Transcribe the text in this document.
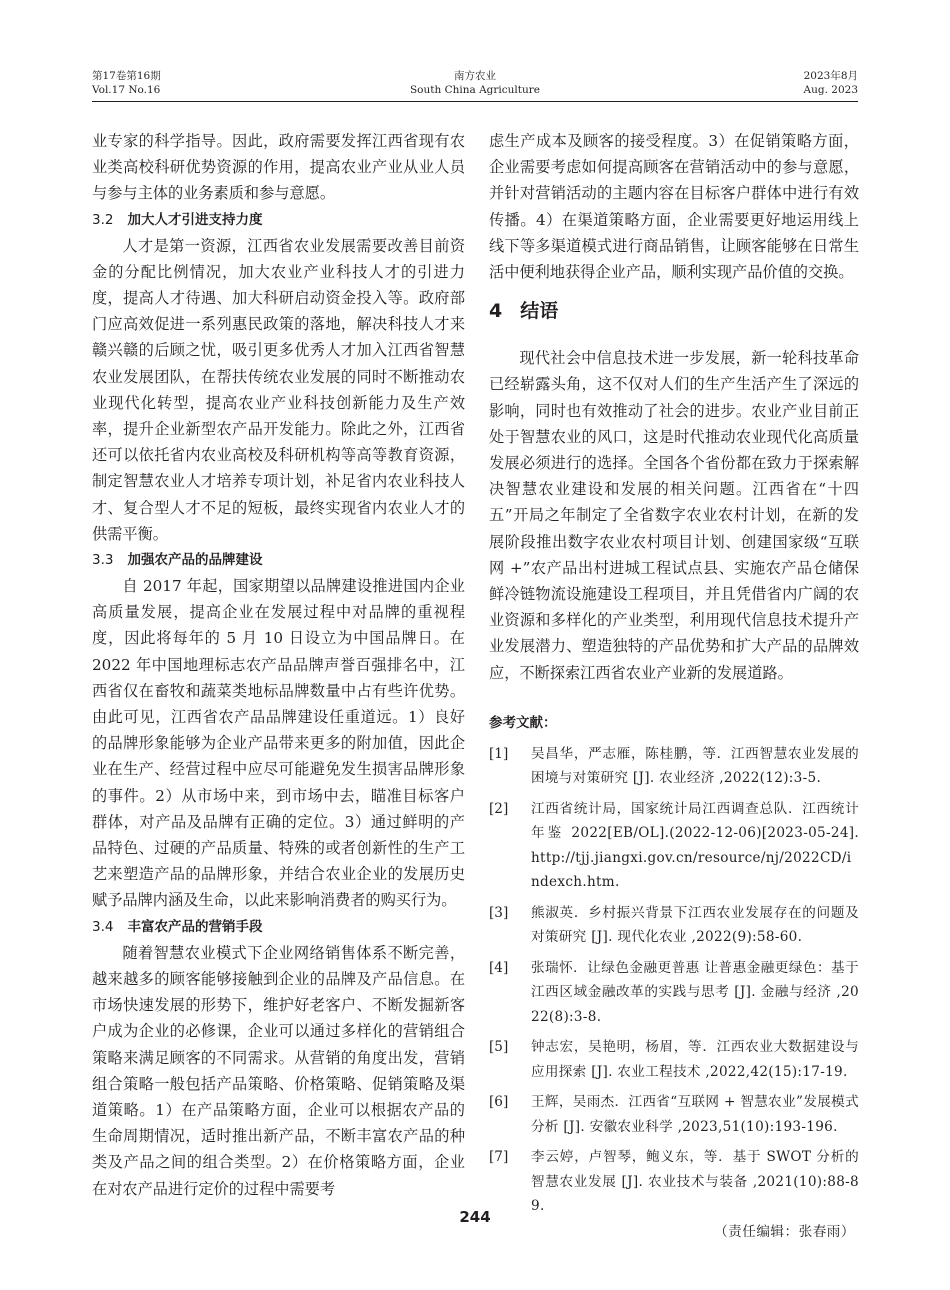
第17卷第16期
Vol.17 No.16
南方农业
South China Agriculture
2023年8月
Aug. 2023

业专家的科学指导。因此，政府需要发挥江西省现有农业类高校科研优势资源的作用，提高农业产业从业人员与参与主体的业务素质和参与意愿。

3.2 加大人才引进支持力度

人才是第一资源，江西省农业发展需要改善目前资金的分配比例情况，加大农业产业科技人才的引进力度，提高人才待遇、加大科研启动资金投入等。政府部门应高效促进一系列惠民政策的落地，解决科技人才来赣兴赣的后顾之忧，吸引更多优秀人才加入江西省智慧农业发展团队，在帮扶传统农业发展的同时不断推动农业现代化转型，提高农业产业科技创新能力及生产效率，提升企业新型农产品开发能力。除此之外，江西省还可以依托省内农业高校及科研机构等高等教育资源，制定智慧农业人才培养专项计划，补足省内农业科技人才、复合型人才不足的短板，最终实现省内农业人才的供需平衡。

3.3 加强农产品的品牌建设

自 2017 年起，国家期望以品牌建设推进国内企业高质量发展，提高企业在发展过程中对品牌的重视程度，因此将每年的 5 月 10 日设立为中国品牌日。在 2022 年中国地理标志农产品品牌声誉百强排名中，江西省仅在畜牧和蔬菜类地标品牌数量中占有些许优势。由此可见，江西省农产品品牌建设任重道远。1）良好的品牌形象能够为企业产品带来更多的附加值，因此企业在生产、经营过程中应尽可能避免发生损害品牌形象的事件。2）从市场中来，到市场中去，瞄准目标客户群体，对产品及品牌有正确的定位。3）通过鲜明的产品特色、过硬的产品质量、特殊的或者创新性的生产工艺来塑造产品的品牌形象，并结合农业企业的发展历史赋予品牌内涵及生命，以此来影响消费者的购买行为。

3.4 丰富农产品的营销手段

随着智慧农业模式下企业网络销售体系不断完善，越来越多的顾客能够接触到企业的品牌及产品信息。在市场快速发展的形势下，维护好老客户、不断发掘新客户成为企业的必修课，企业可以通过多样化的营销组合策略来满足顾客的不同需求。从营销的角度出发，营销组合策略一般包括产品策略、价格策略、促销策略及渠道策略。1）在产品策略方面，企业可以根据农产品的生命周期情况，适时推出新产品，不断丰富农产品的种类及产品之间的组合类型。2）在价格策略方面，企业在对农产品进行定价的过程中需要考

虑生产成本及顾客的接受程度。3）在促销策略方面，企业需要考虑如何提高顾客在营销活动中的参与意愿，并针对营销活动的主题内容在目标客户群体中进行有效传播。4）在渠道策略方面，企业需要更好地运用线上线下等多渠道模式进行商品销售，让顾客能够在日常生活中便利地获得企业产品，顺利实现产品价值的交换。

4 结语

现代社会中信息技术进一步发展，新一轮科技革命已经崭露头角，这不仅对人们的生产生活产生了深远的影响，同时也有效推动了社会的进步。农业产业目前正处于智慧农业的风口，这是时代推动农业现代化高质量发展必须进行的选择。全国各个省份都在致力于探索解决智慧农业建设和发展的相关问题。江西省在“十四五”开局之年制定了全省数字农业农村计划，在新的发展阶段推出数字农业农村项目计划、创建国家级“互联网 +”农产品出村进城工程试点县、实施农产品仓储保鲜冷链物流设施建设工程项目，并且凭借省内广阔的农业资源和多样化的产业类型，利用现代信息技术提升产业发展潜力、塑造独特的产品优势和扩大产品的品牌效应，不断探索江西省农业产业新的发展道路。

参考文献：
[1]	吴昌华，严志雁，陈桂鹏，等．江西智慧农业发展的困境与对策研究 [J]. 农业经济 ,2022(12):3-5.
[2]	江西省统计局，国家统计局江西调查总队．江西统计年鉴 2022[EB/OL].(2022-12-06)[2023-05-24].http://tjj.jiangxi.gov.cn/resource/nj/2022CD/indexch.htm.
[3]	熊淑英．乡村振兴背景下江西农业发展存在的问题及对策研究 [J]. 现代化农业 ,2022(9):58-60.
[4]	张瑞怀．让绿色金融更普惠 让普惠金融更绿色：基于江西区域金融改革的实践与思考 [J]. 金融与经济 ,2022(8):3-8.
[5]	钟志宏，吴艳明，杨眉，等．江西农业大数据建设与应用探索 [J]. 农业工程技术 ,2022,42(15):17-19.
[6]	王辉，吴雨杰．江西省“互联网 + 智慧农业”发展模式分析 [J]. 安徽农业科学 ,2023,51(10):193-196.
[7]	李云婷，卢智琴，鲍义东，等．基于 SWOT 分析的智慧农业发展 [J]. 农业技术与装备 ,2021(10):88-89.
（责任编辑：张春雨）
244
